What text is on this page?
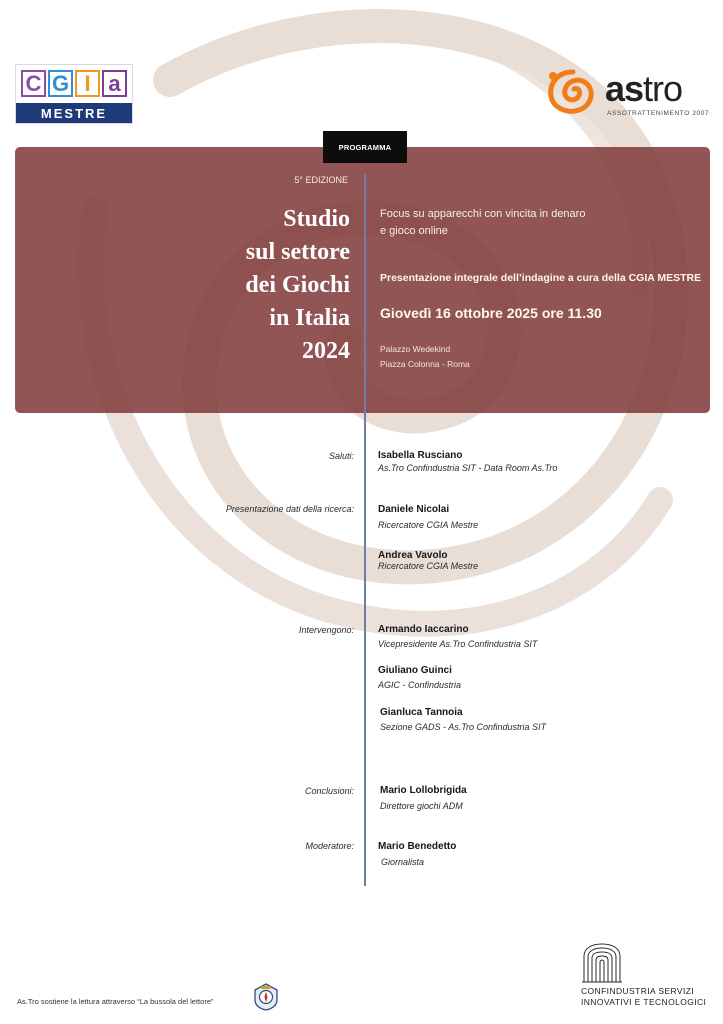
C G I a
MESTRE
astro
ASSOTRATTENIMENTO 2007
PROGRAMMA
5° EDIZIONE
Studio
sul settore
dei Giochi
in Italia
2024
Focus su apparecchi con vincita in denaro
e gioco online
Presentazione integrale dell’indagine a cura della CGIA MESTRE
Giovedì 16 ottobre 2025 ore 11.30
Palazzo Wedekind
Piazza Colonna - Roma
Saluti: Isabella Rusciano
As.Tro Confindustria SIT - Data Room As.Tro
Presentazione dati della ricerca: Daniele Nicolai
Ricercatore CGIA Mestre
Andrea Vavolo
Ricercatore CGIA Mestre
Intervengono: Armando Iaccarino
Vicepresidente As.Tro Confindustria SIT
Giuliano Guinci
AGIC - Confindustria
Gianluca Tannoia
Sezione GADS - As.Tro Confindustria SIT
Conclusioni:	Mario Lollobrigida
Direttore giochi ADM
Moderatore: Mario Benedetto
Giornalista
As.Tro sostiene la lettura attraverso “La bussola del lettore”
CONFINDUSTRIA SERVIZI
INNOVATIVI E TECNOLOGICI
